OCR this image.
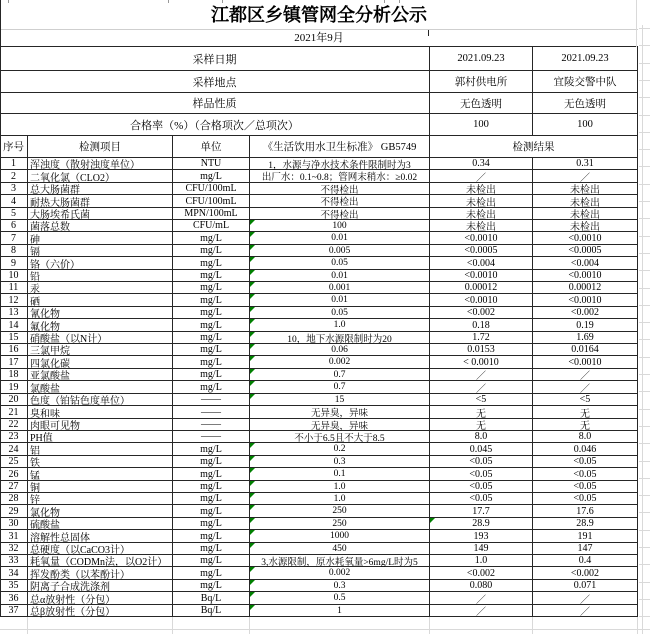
江都区乡镇管网全分析公示
2021年9月
采样日期	2021.09.23	2021.09.23
采样地点	郭村供电所	宜陵交警中队
样品性质	无色透明	无色透明
合格率（%）（合格项次／总项次）	100	100
序号	检测项目	单位	《生活饮用水卫生标准》 GB5749	检测结果
1	浑浊度（散射浊度单位）	NTU	1，水源与净水技术条件限制时为3	0.34	0.31
2	二氧化氯（CLO2）	mg/L	出厂水：0.1~0.8；管网末稍水：≥0.02	／	／
3	总大肠菌群	CFU/100mL	不得检出	未检出	未检出
4	耐热大肠菌群	CFU/100mL	不得检出	未检出	未检出
5	大肠埃希氏菌	MPN/100mL	不得检出	未检出	未检出
6	菌落总数	CFU/mL	100	未检出	未检出
7	砷	mg/L	0.01	<0.0010	<0.0010
8	镉	mg/L	0.005	<0.0005	<0.0005
9	铬（六价）	mg/L	0.05	<0.004	<0.004
10	铅	mg/L	0.01	<0.0010	<0.0010
11	汞	mg/L	0.001	0.00012	0.00012
12	硒	mg/L	0.01	<0.0010	<0.0010
13	氰化物	mg/L	0.05	<0.002	<0.002
14	氟化物	mg/L	1.0	0.18	0.19
15	硝酸盐（以N计）	mg/L	10，地下水源限制时为20	1.72	1.69
16	三氯甲烷	mg/L	0.06	0.0153	0.0164
17	四氯化碳	mg/L	0.002	< 0.0010	<0.0010
18	亚氯酸盐	mg/L	0.7	／	／
19	氯酸盐	mg/L	0.7	／	／
20	色度（铂钴色度单位）	——	15	<5	<5
21	臭和味	——	无异臭，异味	无	无
22	肉眼可见物	——	无异臭，异味	无	无
23	PH值	——	不小于6.5且不大于8.5	8.0	8.0
24	铝	mg/L	0.2	0.045	0.046
25	铁	mg/L	0.3	<0.05	<0.05
26	锰	mg/L	0.1	<0.05	<0.05
27	铜	mg/L	1.0	<0.05	<0.05
28	锌	mg/L	1.0	<0.05	<0.05
29	氯化物	mg/L	250	17.7	17.6
30	硫酸盐	mg/L	250	28.9	28.9
31	溶解性总固体	mg/L	1000	193	191
32	总硬度（以CaCO3计）	mg/L	450	149	147
33	耗氧量（CODMn法，以O2计）	mg/L	3,水源限制，原水耗氧量>6mg/L时为5	1.0	0.4
34	挥发酚类（以苯酚计）	mg/L	0.002	<0.002	<0.002
35	阴离子合成洗涤剂	mg/L	0.3	0.080	0.071
36	总α放射性（分包）	Bq/L	0.5	／	／
37	总β放射性（分包）	Bq/L	1	／	／
